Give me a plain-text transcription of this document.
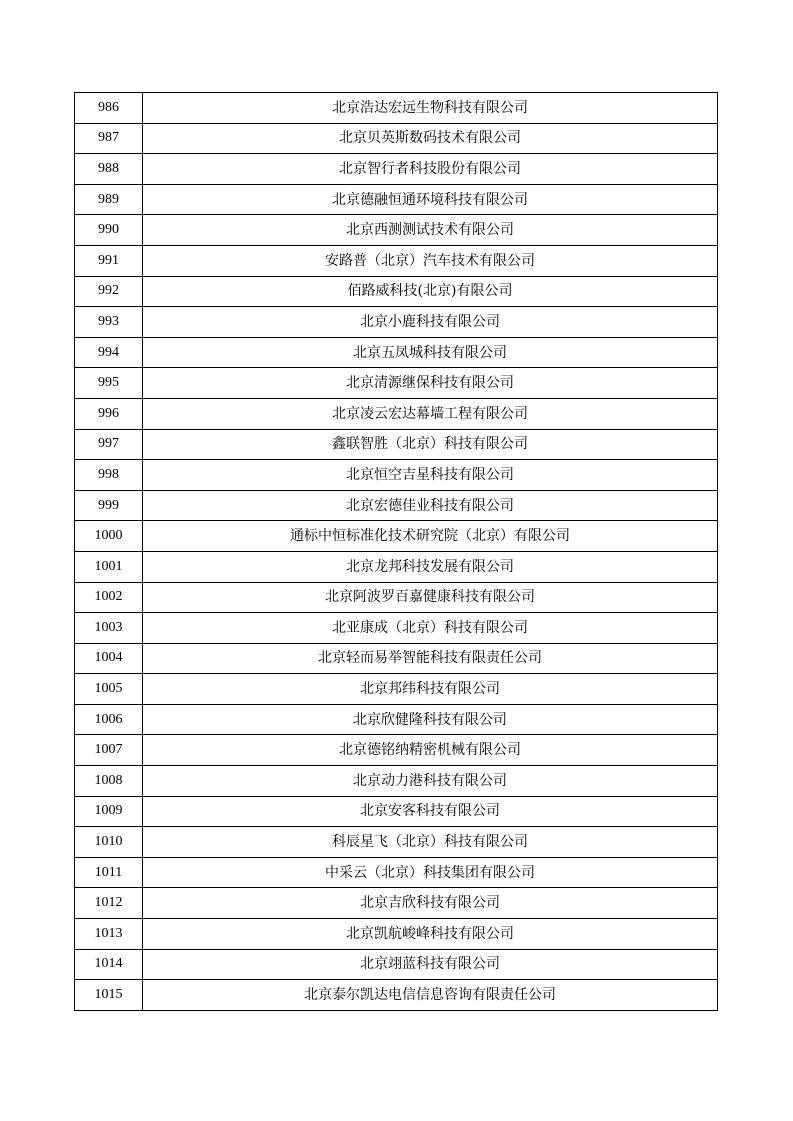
986	北京浩达宏远生物科技有限公司
987	北京贝英斯数码技术有限公司
988	北京智行者科技股份有限公司
989	北京德融恒通环境科技有限公司
990	北京西测测试技术有限公司
991	安路普（北京）汽车技术有限公司
992	佰路威科技(北京)有限公司
993	北京小鹿科技有限公司
994	北京五凤城科技有限公司
995	北京清源继保科技有限公司
996	北京凌云宏达幕墙工程有限公司
997	鑫联智胜（北京）科技有限公司
998	北京恒空吉星科技有限公司
999	北京宏德佳业科技有限公司
1000	通标中恒标准化技术研究院（北京）有限公司
1001	北京龙邦科技发展有限公司
1002	北京阿波罗百嘉健康科技有限公司
1003	北亚康成（北京）科技有限公司
1004	北京轻而易举智能科技有限责任公司
1005	北京邦纬科技有限公司
1006	北京欣健隆科技有限公司
1007	北京德铭纳精密机械有限公司
1008	北京动力港科技有限公司
1009	北京安客科技有限公司
1010	科辰星飞（北京）科技有限公司
1011	中采云（北京）科技集团有限公司
1012	北京吉欣科技有限公司
1013	北京凯航峻峰科技有限公司
1014	北京翊蓝科技有限公司
1015	北京泰尔凯达电信信息咨询有限责任公司
